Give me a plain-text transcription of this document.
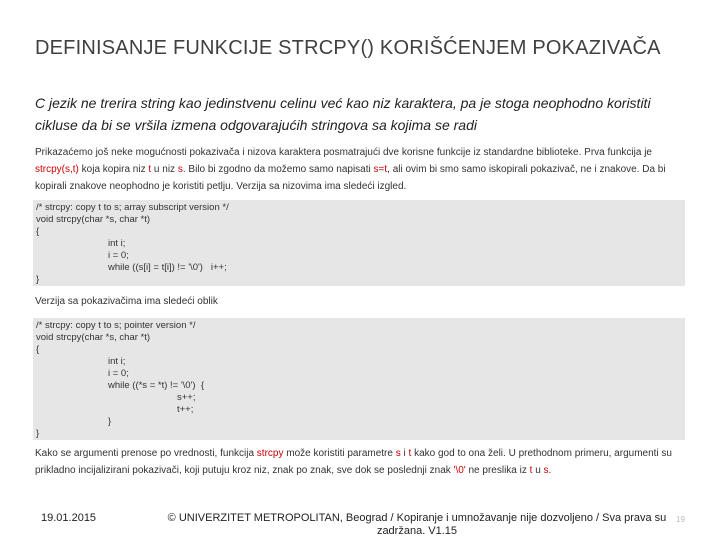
DEFINISANJE FUNKCIJE STRCPY() KORIŠĆENJEM POKAZIVAČA
C jezik ne trerira string kao jedinstvenu celinu već kao niz karaktera, pa je stoga neophodno koristiti cikluse da bi se vršila izmena odgovarajućih stringova sa kojima se radi
Prikazaćemo još neke mogućnosti pokazivača i nizova karaktera posmatrajući dve korisne funkcije iz standardne biblioteke. Prva funkcija je strcpy(s,t) koja kopira niz t u niz s. Bilo bi zgodno da možemo samo napisati s=t, ali ovim bi smo samo iskopirali pokazivač, ne i znakove. Da bi kopirali znakove neophodno je koristiti petlju. Verzija sa nizovima ima sledeći izgled.
/* strcpy: copy t to s; array subscript version */
void strcpy(char *s, char *t)
{
int i;
i = 0;
while ((s[i] = t[i]) != '\0')   i++;
}
Verzija sa pokazivačima ima sledeći oblik
/* strcpy: copy t to s; pointer version */
void strcpy(char *s, char *t)
{
int i;
i = 0;
while ((*s = *t) != '\0')  {
s++;
t++;
}
}
Kako se argumenti prenose po vrednosti, funkcija strcpy može koristiti parametre s i t kako god to ona želi. U prethodnom primeru, argumenti su prikladno incijalizirani pokazivači, koji putuju kroz niz, znak po znak, sve dok se poslednji znak '\0' ne preslika iz t u s.
19.01.2015	© UNIVERZITET METROPOLITAN, Beograd / Kopiranje i umnožavanje nije dozvoljeno / Sva prava su zadržana. V1.15
19
